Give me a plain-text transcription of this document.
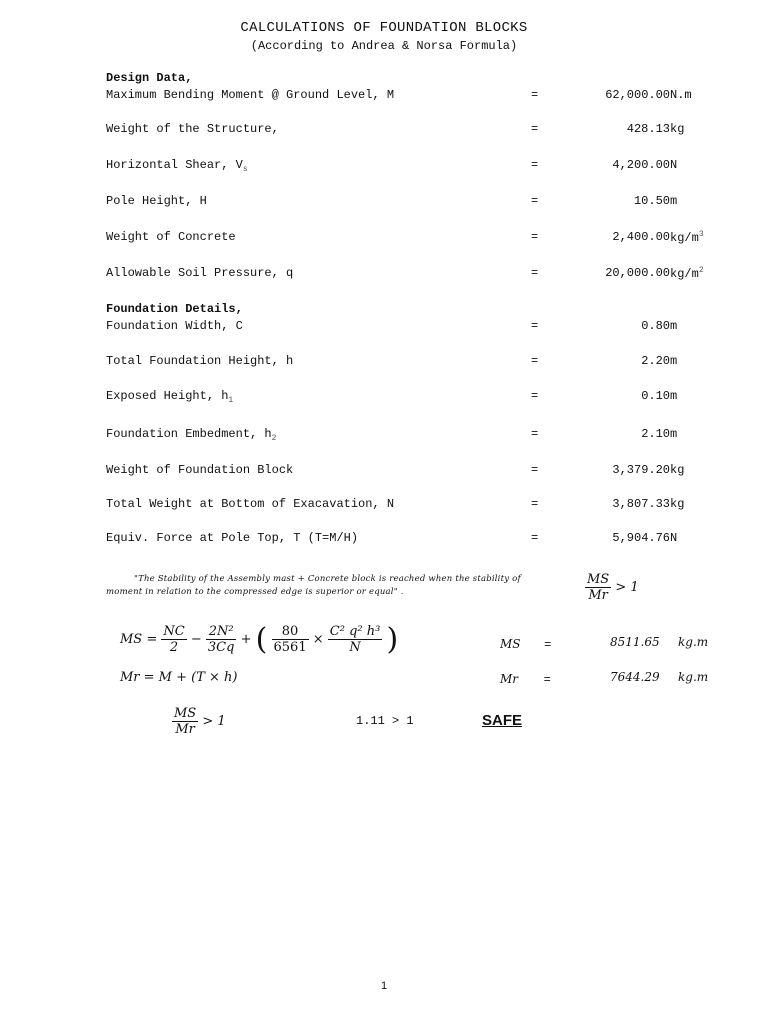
CALCULATIONS OF FOUNDATION BLOCKS
(According to Andrea & Norsa Formula)
Design Data,
Maximum Bending Moment @ Ground Level, M	=	62,000.00 N.m
Weight of the Structure,	=	428.13 kg
Horizontal Shear, $V_s$	=	4,200.00 N
Pole Height, H	=	10.50 m
Weight of Concrete	=	2,400.00 $kg/m^3$
Allowable Soil Pressure, q	=	20,000.00 $kg/m^2$
Foundation Details,
Foundation Width, C	=	0.80 m
Total Foundation Height, h	=	2.20 m
Exposed Height, $h_1$	=	0.10 m
Foundation Embedment, $h_2$	=	2.10 m
Weight of Foundation Block	=	3,379.20 kg
Total Weight at Bottom of Exacavation, N	=	3,807.33 kg
Equiv. Force at Pole Top, T (T=M/H)	=	5,904.76 N
"The Stability of the Assembly mast + Concrete block is reached when the stability of moment in relation to the compressed edge is superior or equal" .	$\frac{MS}{Mr} > 1$
MS = $\frac{NC}{2} - \frac{\text{2N²}}{3Cq}$ + ( $\frac{80}{6561} \times \frac{\text{C² q² h³}}{N}$ )	MS =	8511.65 kg.m
Mr = M + (T × h)	Mr =	7644.29 kg.m
$\frac{MS}{Mr} > 1$	1.11 > 1	SAFE
1
